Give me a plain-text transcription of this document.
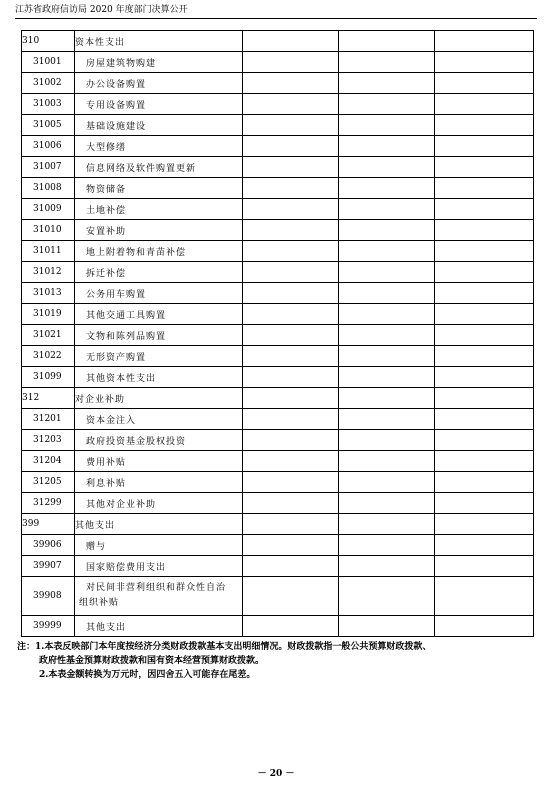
江苏省政府信访局 2020 年度部门决算公开
310	资本性支出			
31001	房屋建筑物购建			
31002	办公设备购置			
31003	专用设备购置			
31005	基础设施建设			
31006	大型修缮			
31007	信息网络及软件购置更新			
31008	物资储备			
31009	土地补偿			
31010	安置补助			
31011	地上附着物和青苗补偿			
31012	拆迁补偿			
31013	公务用车购置			
31019	其他交通工具购置			
31021	文物和陈列品购置			
31022	无形资产购置			
31099	其他资本性支出			
312	对企业补助			
31201	资本金注入			
31203	政府投资基金股权投资			
31204	费用补贴			
31205	利息补贴			
31299	其他对企业补助			
399	其他支出			
39906	赠与			
39907	国家赔偿费用支出			
39908	对民间非营利组织和群众性自治
组织补贴			

39999	其他支出			
注：1.本表反映部门本年度按经济分类财政拨款基本支出明细情况。财政拨款指一般公共预算财政拨款、
政府性基金预算财政拨款和国有资本经营预算财政拨款。
2.本表金额转换为万元时，因四舍五入可能存在尾差。
－ 20 －
